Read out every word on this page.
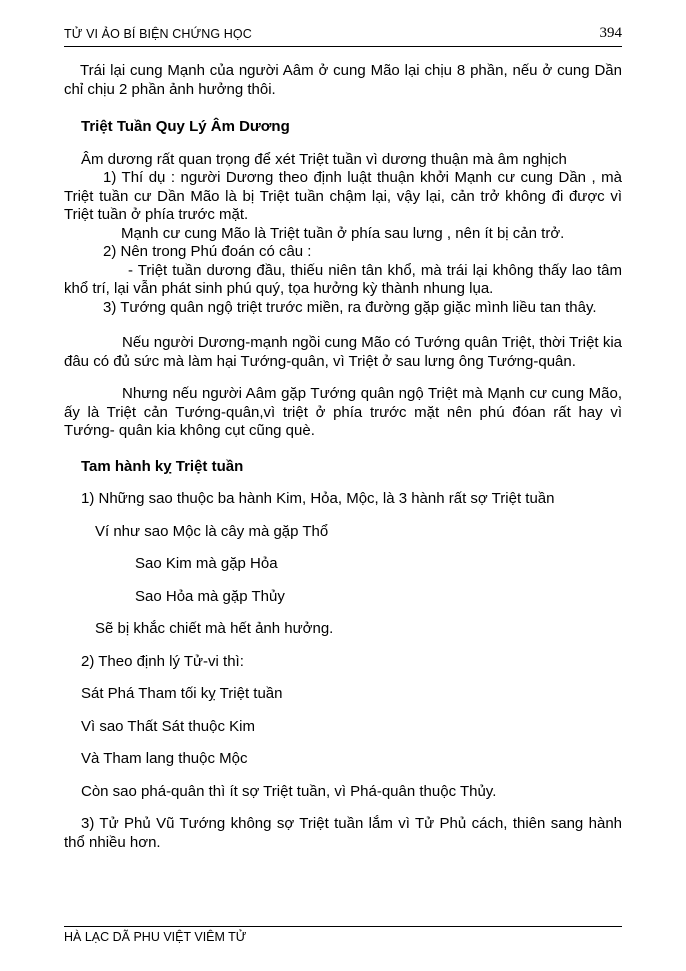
TỬ VI ẢO BÍ BIỆN CHỨNG HỌC	394

Trái lại cung Mạnh của người Aâm ở cung Mão lại chịu 8 phần, nếu ở cung Dần chỉ chịu 2 phần ảnh hưởng thôi.

Triệt Tuần Quy Lý Âm Dương

Âm dương rất quan trọng để xét Triệt tuần vì dương thuận mà âm nghịch

1) Thí dụ : người Dương theo định luật thuận khởi Mạnh cư cung Dần , mà Triệt tuần cư Dần Mão là bị Triệt tuần chậm lại, vậy lại, cản trở không đi được vì Triệt tuần ở phía trước mặt.

Mạnh cư cung Mão là Triệt tuần ở phía sau lưng , nên ít bị cản trở.

2) Nên trong Phú đoán có câu :

- Triệt tuần dương đầu, thiếu niên tân khổ, mà trái lại không thấy lao tâm khổ trí, lại vẫn phát sinh phú quý, tọa hưởng kỳ thành nhung lụa.

3) Tướng quân ngộ triệt trước miền, ra đường gặp giặc mình liều tan thây.

Nếu người Dương-mạnh ngồi cung Mão có Tướng quân Triệt, thời Triệt kia đâu có đủ sức mà làm hại Tướng-quân, vì Triệt ở sau lưng ông Tướng-quân.

Nhưng nếu người Aâm gặp Tướng quân ngộ Triệt mà Mạnh cư cung Mão, ấy là Triệt cản Tướng-quân,vì triệt ở phía trước mặt nên phú đóan rất hay vì Tướng- quân kia không cụt cũng què.

Tam hành kỵ Triệt tuần

1) Những sao thuộc ba hành Kim, Hỏa, Mộc, là 3 hành rất sợ Triệt tuần

Ví như sao Mộc là cây mà gặp Thổ

Sao Kim mà gặp Hỏa

Sao Hỏa mà gặp Thủy

Sẽ bị khắc chiết mà hết ảnh hưởng.

2) Theo định lý Tử-vi thì:

Sát Phá Tham tối kỵ Triệt tuần

Vì sao Thất Sát thuộc Kim

Và Tham lang thuộc Mộc

Còn sao phá-quân thì ít sợ Triệt tuần, vì Phá-quân thuộc Thủy.

3) Tử Phủ Vũ Tướng không sợ Triệt tuần lắm vì Tử Phủ cách, thiên sang hành thổ nhiều hơn.

HÀ LẠC DÃ PHU VIỆT VIÊM TỬ
